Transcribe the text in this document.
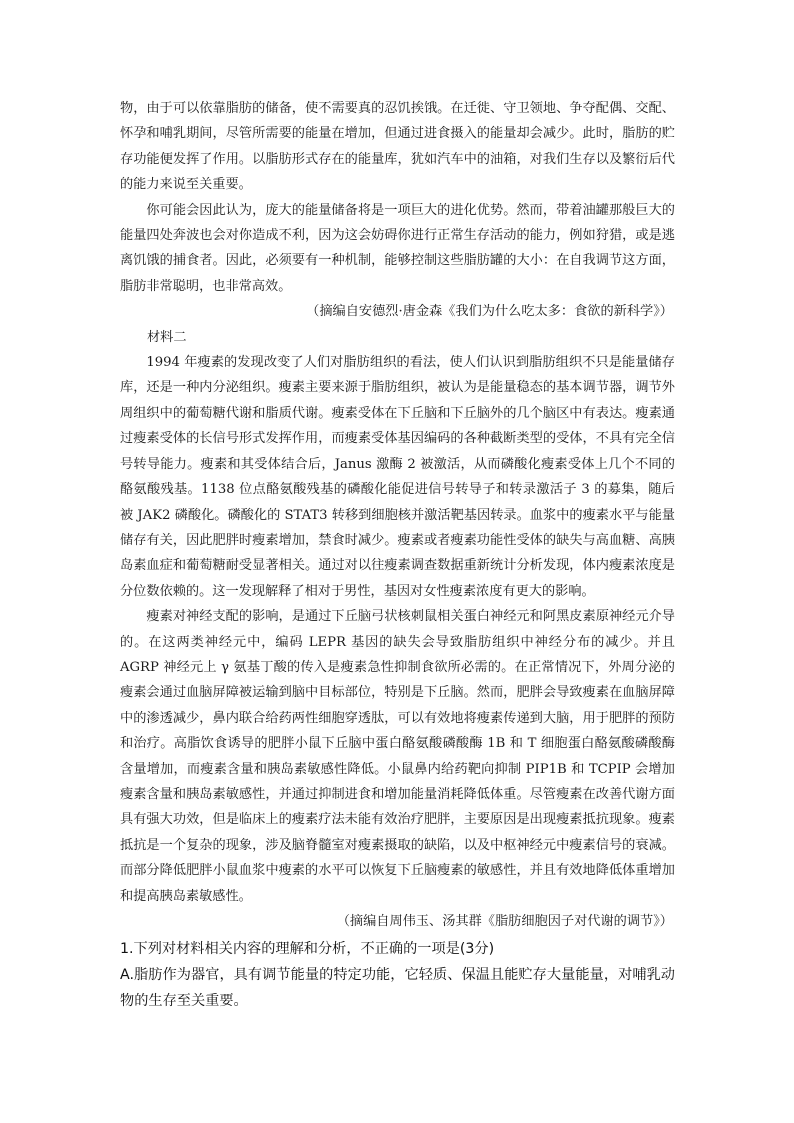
物，由于可以依靠脂肪的储备，使不需要真的忍饥挨饿。在迁徙、守卫领地、争夺配偶、交配、怀孕和哺乳期间，尽管所需要的能量在增加，但通过进食摄入的能量却会减少。此时，脂肪的贮存功能便发挥了作用。以脂肪形式存在的能量库，犹如汽车中的油箱，对我们生存以及繁衍后代的能力来说至关重要。

你可能会因此认为，庞大的能量储备将是一项巨大的进化优势。然而，带着油罐那般巨大的能量四处奔波也会对你造成不利，因为这会妨碍你进行正常生存活动的能力，例如狩猎，或是逃离饥饿的捕食者。因此，必须要有一种机制，能够控制这些脂肪罐的大小：在自我调节这方面，脂肪非常聪明，也非常高效。

（摘编自安德烈·唐金森《我们为什么吃太多：食欲的新科学》）

材料二

1994 年瘦素的发现改变了人们对脂肪组织的看法，使人们认识到脂肪组织不只是能量储存库，还是一种内分泌组织。瘦素主要来源于脂肪组织，被认为是能量稳态的基本调节器，调节外周组织中的葡萄糖代谢和脂质代谢。瘦素受体在下丘脑和下丘脑外的几个脑区中有表达。瘦素通过瘦素受体的长信号形式发挥作用，而瘦素受体基因编码的各种截断类型的受体，不具有完全信号转导能力。瘦素和其受体结合后，Janus 激酶 2 被激活，从而磷酸化瘦素受体上几个不同的酪氨酸残基。1138 位点酪氨酸残基的磷酸化能促进信号转导子和转录激活子 3 的募集，随后被 JAK2 磷酸化。磷酸化的 STAT3 转移到细胞核并激活靶基因转录。血浆中的瘦素水平与能量储存有关，因此肥胖时瘦素增加，禁食时减少。瘦素或者瘦素功能性受体的缺失与高血糖、高胰岛素血症和葡萄糖耐受显著相关。通过对以往瘦素调查数据重新统计分析发现，体内瘦素浓度是分位数依赖的。这一发现解释了相对于男性，基因对女性瘦素浓度有更大的影响。

瘦素对神经支配的影响，是通过下丘脑弓状核刺鼠相关蛋白神经元和阿黑皮素原神经元介导的。在这两类神经元中，编码 LEPR 基因的缺失会导致脂肪组织中神经分布的减少。并且 AGRP 神经元上 γ 氨基丁酸的传入是瘦素急性抑制食欲所必需的。在正常情况下，外周分泌的瘦素会通过血脑屏障被运输到脑中目标部位，特别是下丘脑。然而，肥胖会导致瘦素在血脑屏障中的渗透减少，鼻内联合给药两性细胞穿透肽，可以有效地将瘦素传递到大脑，用于肥胖的预防和治疗。高脂饮食诱导的肥胖小鼠下丘脑中蛋白酪氨酸磷酸酶 1B 和 T 细胞蛋白酪氨酸磷酸酶含量增加，而瘦素含量和胰岛素敏感性降低。小鼠鼻内给药靶向抑制 PIP1B 和 TCPIP 会增加瘦素含量和胰岛素敏感性，并通过抑制进食和增加能量消耗降低体重。尽管瘦素在改善代谢方面具有强大功效，但是临床上的瘦素疗法未能有效治疗肥胖，主要原因是出现瘦素抵抗现象。瘦素抵抗是一个复杂的现象，涉及脑脊髓室对瘦素摄取的缺陷，以及中枢神经元中瘦素信号的衰减。而部分降低肥胖小鼠血浆中瘦素的水平可以恢复下丘脑瘦素的敏感性，并且有效地降低体重增加和提高胰岛素敏感性。

（摘编自周伟玉、汤其群《脂肪细胞因子对代谢的调节》）

1.下列对材料相关内容的理解和分析，不正确的一项是(3分)

A.脂肪作为器官，具有调节能量的特定功能，它轻质、保温且能贮存大量能量，对哺乳动物的生存至关重要。
